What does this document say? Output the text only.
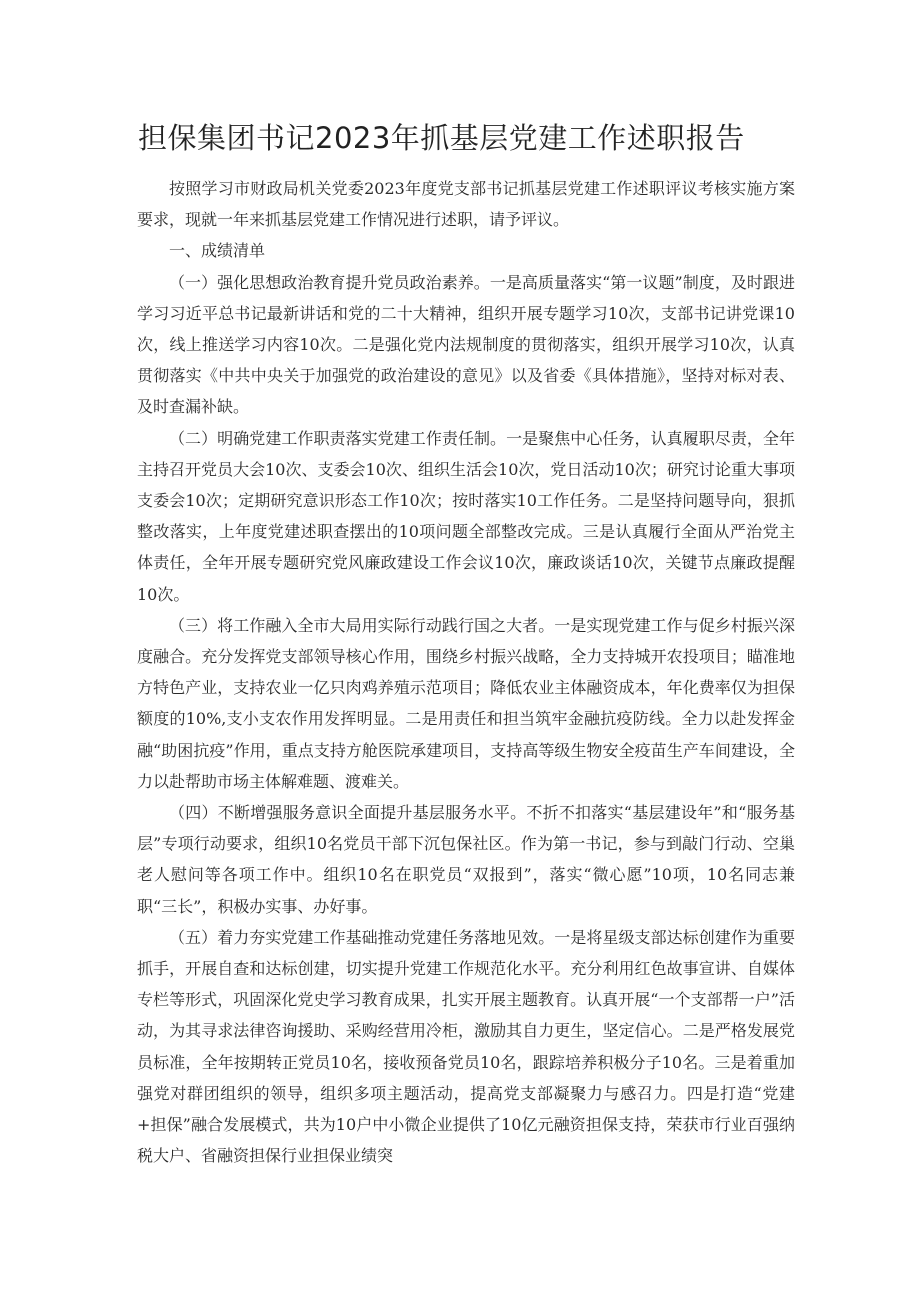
担保集团书记2023年抓基层党建工作述职报告

按照学习市财政局机关党委2023年度党支部书记抓基层党建工作述职评议考核实施方案要求，现就一年来抓基层党建工作情况进行述职，请予评议。

一、成绩清单

（一）强化思想政治教育提升党员政治素养。一是高质量落实“第一议题”制度，及时跟进学习习近平总书记最新讲话和党的二十大精神，组织开展专题学习10次，支部书记讲党课10次，线上推送学习内容10次。二是强化党内法规制度的贯彻落实，组织开展学习10次，认真贯彻落实《中共中央关于加强党的政治建设的意见》以及省委《具体措施》，坚持对标对表、及时查漏补缺。

（二）明确党建工作职责落实党建工作责任制。一是聚焦中心任务，认真履职尽责，全年主持召开党员大会10次、支委会10次、组织生活会10次，党日活动10次；研究讨论重大事项支委会10次；定期研究意识形态工作10次；按时落实10工作任务。二是坚持问题导向，狠抓整改落实，上年度党建述职查摆出的10项问题全部整改完成。三是认真履行全面从严治党主体责任，全年开展专题研究党风廉政建设工作会议10次，廉政谈话10次，关键节点廉政提醒10次。

（三）将工作融入全市大局用实际行动践行国之大者。一是实现党建工作与促乡村振兴深度融合。充分发挥党支部领导核心作用，围绕乡村振兴战略，全力支持城开农投项目；瞄准地方特色产业，支持农业一亿只肉鸡养殖示范项目；降低农业主体融资成本，年化费率仅为担保额度的10%,支小支农作用发挥明显。二是用责任和担当筑牢金融抗疫防线。全力以赴发挥金融“助困抗疫”作用，重点支持方舱医院承建项目，支持高等级生物安全疫苗生产车间建设，全力以赴帮助市场主体解难题、渡难关。

（四）不断增强服务意识全面提升基层服务水平。不折不扣落实“基层建设年”和“服务基层”专项行动要求，组织10名党员干部下沉包保社区。作为第一书记，参与到敲门行动、空巢老人慰问等各项工作中。组织10名在职党员“双报到”，落实“微心愿”10项，10名同志兼职“三长”，积极办实事、办好事。

（五）着力夯实党建工作基础推动党建任务落地见效。一是将星级支部达标创建作为重要抓手，开展自查和达标创建，切实提升党建工作规范化水平。充分利用红色故事宣讲、自媒体专栏等形式，巩固深化党史学习教育成果，扎实开展主题教育。认真开展“一个支部帮一户”活动，为其寻求法律咨询援助、采购经营用冷柜，激励其自力更生，坚定信心。二是严格发展党员标准，全年按期转正党员10名，接收预备党员10名，跟踪培养积极分子10名。三是着重加强党对群团组织的领导，组织多项主题活动，提高党支部凝聚力与感召力。四是打造“党建+担保”融合发展模式，共为10户中小微企业提供了10亿元融资担保支持，荣获市行业百强纳税大户、省融资担保行业担保业绩突
